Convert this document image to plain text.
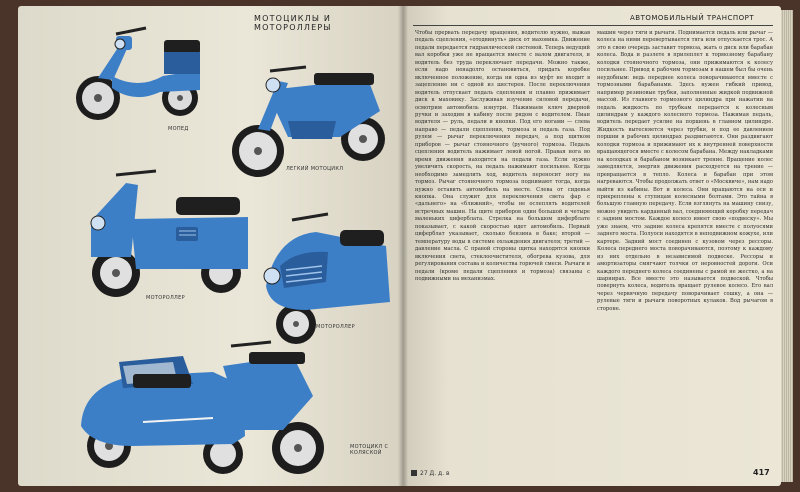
МОТОЦИКЛЫ И МОТОРОЛЛЕРЫ
МОПЕД
ЛЕГКИЙ МОТОЦИКЛ
МОТОРОЛЛЕР
МОТОРОЛЛЕР
МОТОЦИКЛ С КОЛЯСКОЙ
АВТОМОБИЛЬНЫЙ ТРАНСПОРТ
Чтобы прервать передачу вращения, водителю нужно, выжав педаль сцепления, «отодвинуть» диск от маховика. Движение педали передается гидравлической системой. Теперь ведущий вал коробки уже не вращается вместе с валом двигателя, и водитель без труда переключает передачи. Можно также, если надо ненадолго остановиться, придать коробке включенное положение, когда ни одна из муфт не входит в зацепление ни с одной из шестерен. После переключения водитель отпускает педаль сцепления и плавно прижимает диск к маховику. Заслуживая изучение силовой передачи, осмотрим автомобиль изнутри. Нажимаем ключ дверной ручки и заходим в кабину после рядом с водителем. Пиан водителя — руль, педали и кнопки. Под его ногами — слева направо — педали сцепления, тормоза и педаль газа. Под рулем — рычаг переключения передач, а под щитком приборов — рычаг стояночного (ручного) тормоза. Педаль сцепления водитель нажимает левой ногой. Правая нога во время движения находится на педали газа. Если нужно увеличить скорость, на педаль нажимают посильнее. Когда необходимо замедлить ход, водитель переносит ногу на тормоз. Рычаг стояночного тормоза поднимают тогда, когда нужно оставить автомобиль на месте. Слева от сиденья кнопка. Она служит для переключения света фар с «дальнего» на «ближний», чтобы не ослеплять водителей встречных машин. На щите приборов один большой и четыре маленьких циферблата. Стрелка на большом циферблате показывает, с какой скоростью идет автомобиль. Первый циферблат указывает, сколько бензина в баке; второй — температуру воды в системе охлаждения двигателя; третий — давление масла. С правой стороны щитка находятся кнопки включения света, стеклоочистителя, обогрева кузова, для регулирования состава и количества горючей смеси. Рычаги и педали (кроме педали сцепления и тормоза) связаны с подвижными на механизмах.
машин через тяги и рычаги. Поднимается педаль или рычаг — колеса на ними перевертывается тяга или отпускается трос. А это в свою очередь заставит тормоза, жать о диск или барабан колеса. Вода и разлете в прилеплет к тормозному барабану колодки стояночного тормоза, они прижимаются к колесу посильнее. Привод к рабочим тормозам в нашем был бы очень неудобным: ведь переднее колеса поворачиваются вместе с тормозными барабанами. Здесь нужен гибкий привод, например резиновые трубки, заполненные жидкой подвижной массой. Из главного тормозного цилиндра при нажатии на педаль жидкость по трубкам передается к колесным цилиндрам у каждого колесного тормоза. Нажимая педаль, водитель передает усилие на поршень в главном цилиндре. Жидкость вытесняется через трубки, и под ее давлением поршни в рабочих цилиндрах раздвигаются. Они раздвигают колодки тормоза и прижимают их к внутренней поверхности вращающегося вместе с колесом барабана. Между накладками на колодках и барабаном возникает трение. Вращение колес замедляется, энергия движения расходуется на трение — превращается в тепло. Колеса и барабан при этом нагреваются. Чтобы продолжать ответ о «Москвиче», нам надо выйти из кабины. Вот и колеса. Они вращаются на оси и прикреплены к ступицам колесными болтами. Это тайна в большую главную передачу. Если взглянуть на машину снизу, можно увидеть карданный вал, соединяющий коробку передач с задним мостом. Каждое колесо имеет свою «подвеску». Мы уже знаем, что задние колеса крепятся вместе с полуосями заднего моста. Полуоси находятся в неподвижном кожухе, или картере. Задний мост соединен с кузовом через рессоры. Колеса переднего моста поворачиваются, поэтому к каждому из них отдельно в независимой подвеске. Рессоры и амортизаторы смягчают толчки от неровностей дороги. Оси каждого переднего колеса соединены с рамой не жестко, а на шарнирах. Все вместе это называется подвеской. Чтобы повернуть колеса, водитель вращает рулевое колесо. Его вал через червячную передачу поворачивает сошку, а она — рулевые тяги и рычаги поворотных кулаков. Вод рычагом в стороне.
27 Д. д. в	417
